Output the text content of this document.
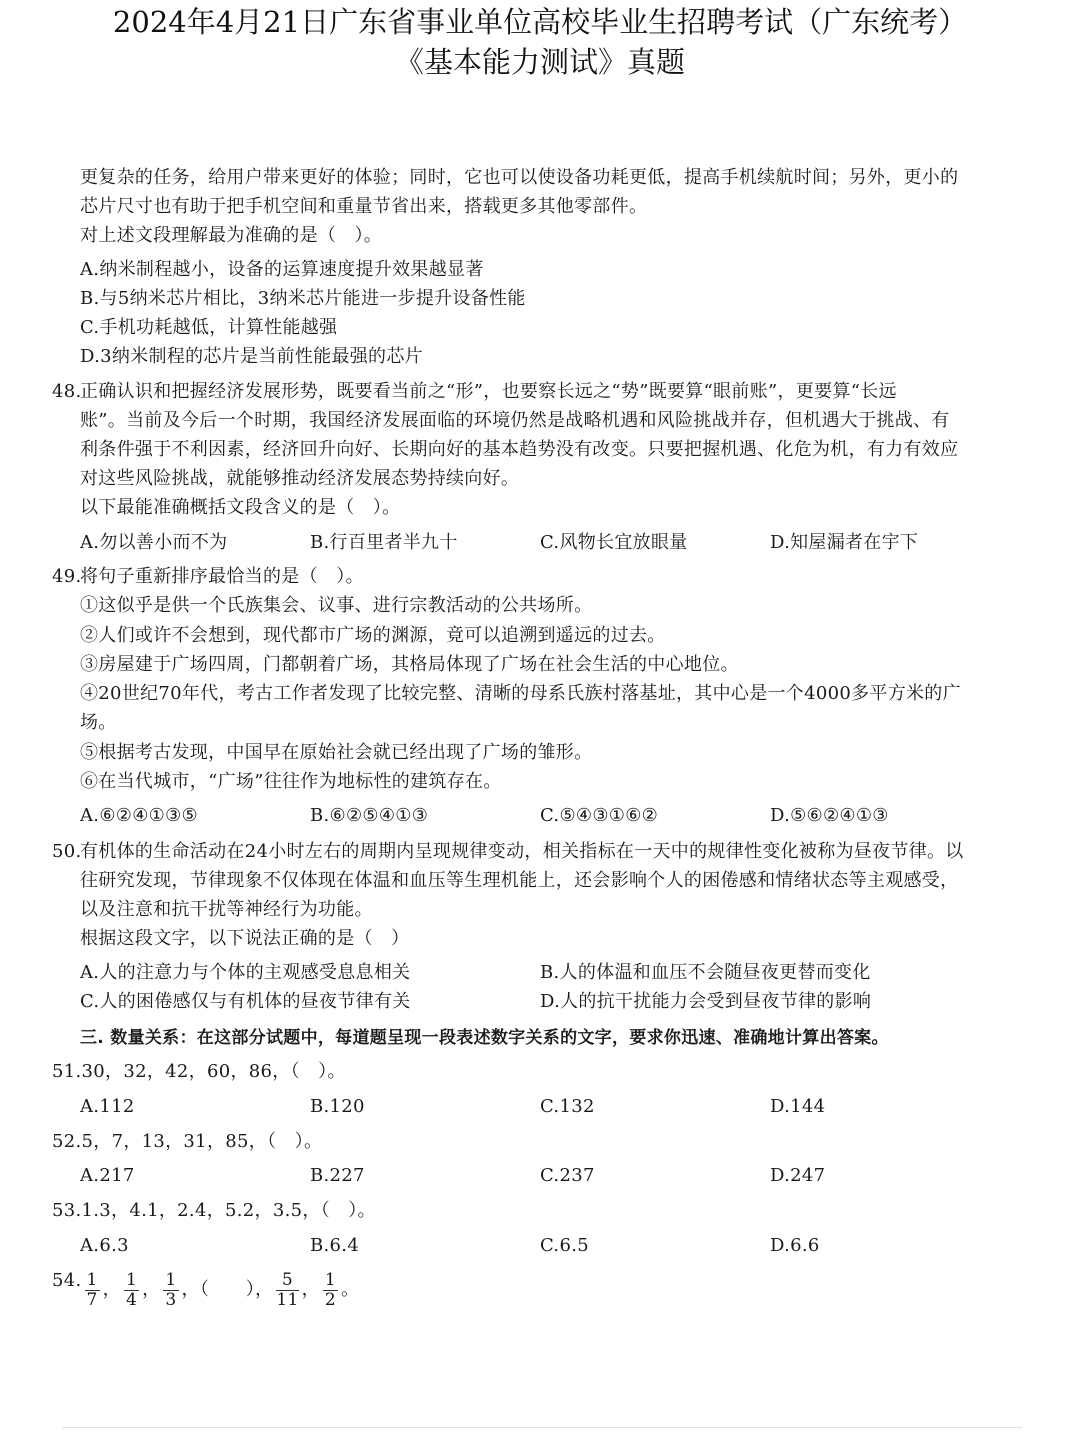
2024年4月21日广东省事业单位高校毕业生招聘考试（广东统考）
《基本能力测试》真题
更复杂的任务，给用户带来更好的体验；同时，它也可以使设备功耗更低，提高手机续航时间；另外，更小的
芯片尺寸也有助于把手机空间和重量节省出来，搭载更多其他零部件。
对上述文段理解最为准确的是（　）。
A.纳米制程越小，设备的运算速度提升效果越显著
B.与5纳米芯片相比，3纳米芯片能进一步提升设备性能
C.手机功耗越低，计算性能越强
D.3纳米制程的芯片是当前性能最强的芯片
48.
正确认识和把握经济发展形势，既要看当前之“形”，也要察长远之“势”既要算“眼前账”，更要算“长远
账”。当前及今后一个时期，我国经济发展面临的环境仍然是战略机遇和风险挑战并存，但机遇大于挑战、有
利条件强于不利因素，经济回升向好、长期向好的基本趋势没有改变。只要把握机遇、化危为机，有力有效应
对这些风险挑战，就能够推动经济发展态势持续向好。
以下最能准确概括文段含义的是（　）。
A.勿以善小而不为	B.行百里者半九十	C.风物长宜放眼量	D.知屋漏者在宇下
49.
将句子重新排序最恰当的是（　）。
①这似乎是供一个氏族集会、议事、进行宗教活动的公共场所。
②人们或许不会想到，现代都市广场的渊源，竟可以追溯到遥远的过去。
③房屋建于广场四周，门都朝着广场，其格局体现了广场在社会生活的中心地位。
④20世纪70年代，考古工作者发现了比较完整、清晰的母系氏族村落基址，其中心是一个4000多平方米的广
场。
⑤根据考古发现，中国早在原始社会就已经出现了广场的雏形。
⑥在当代城市，“广场”往往作为地标性的建筑存在。
A.⑥②④①③⑤	B.⑥②⑤④①③	C.⑤④③①⑥②	D.⑤⑥②④①③
50.
有机体的生命活动在24小时左右的周期内呈现规律变动，相关指标在一天中的规律性变化被称为昼夜节律。以
往研究发现，节律现象不仅体现在体温和血压等生理机能上，还会影响个人的困倦感和情绪状态等主观感受，
以及注意和抗干扰等神经行为功能。
根据这段文字，以下说法正确的是（　）
A.人的注意力与个体的主观感受息息相关	B.人的体温和血压不会随昼夜更替而变化
C.人的困倦感仅与有机体的昼夜节律有关	D.人的抗干扰能力会受到昼夜节律的影响
三. 数量关系：在这部分试题中，每道题呈现一段表述数字关系的文字，要求你迅速、准确地计算出答案。
51.30，32，42，60，86，（　）。
A.112	B.120	C.132	D.144
52.5，7，13，31，85，（　）。
A.217	B.227	C.237	D.247
53.1.3，4.1，2.4，5.2，3.5，（　）。
A.6.3	B.6.4	C.6.5	D.6.6
54. $\frac{1}{7}$ ， $\frac{1}{4}$ ， $\frac{1}{3}$ ，（　　）， $\frac{5}{11}$ ， $\frac{1}{2}$ 。
